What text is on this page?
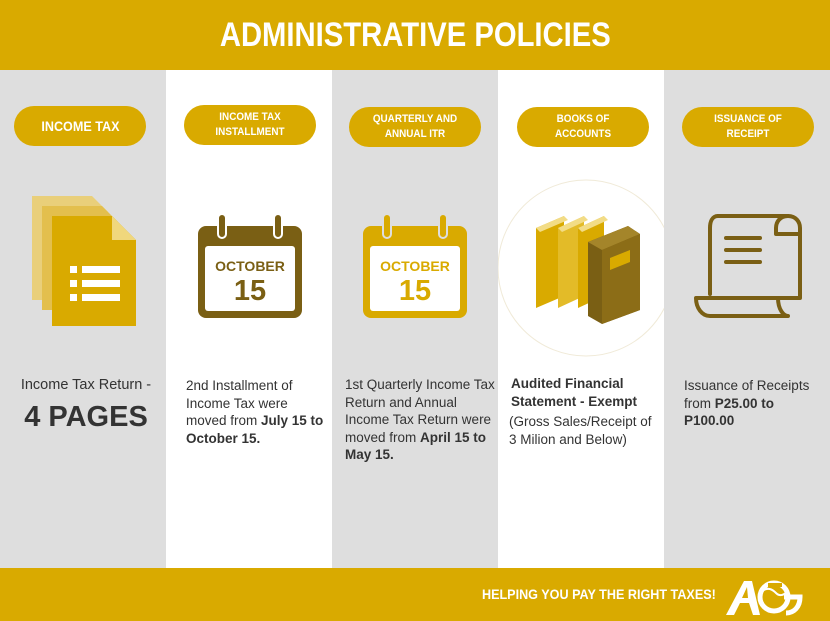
ADMINISTRATIVE POLICIES
INCOME TAX
Income Tax Return -
4 PAGES
INCOME TAX INSTALLMENT
OCTOBER
15
2nd Installment of Income Tax were moved from July 15 to October 15.
QUARTERLY AND ANNUAL ITR
OCTOBER
15
1st Quarterly Income Tax Return and Annual Income Tax Return were moved from April 15 to May 15.
BOOKS OF ACCOUNTS
Audited Financial Statement - Exempt
(Gross Sales/Receipt of 3 Milion and Below)
ISSUANCE OF RECEIPT
Issuance of Receipts from P25.00 to P100.00
HELPING YOU PAY THE RIGHT TAXES!
